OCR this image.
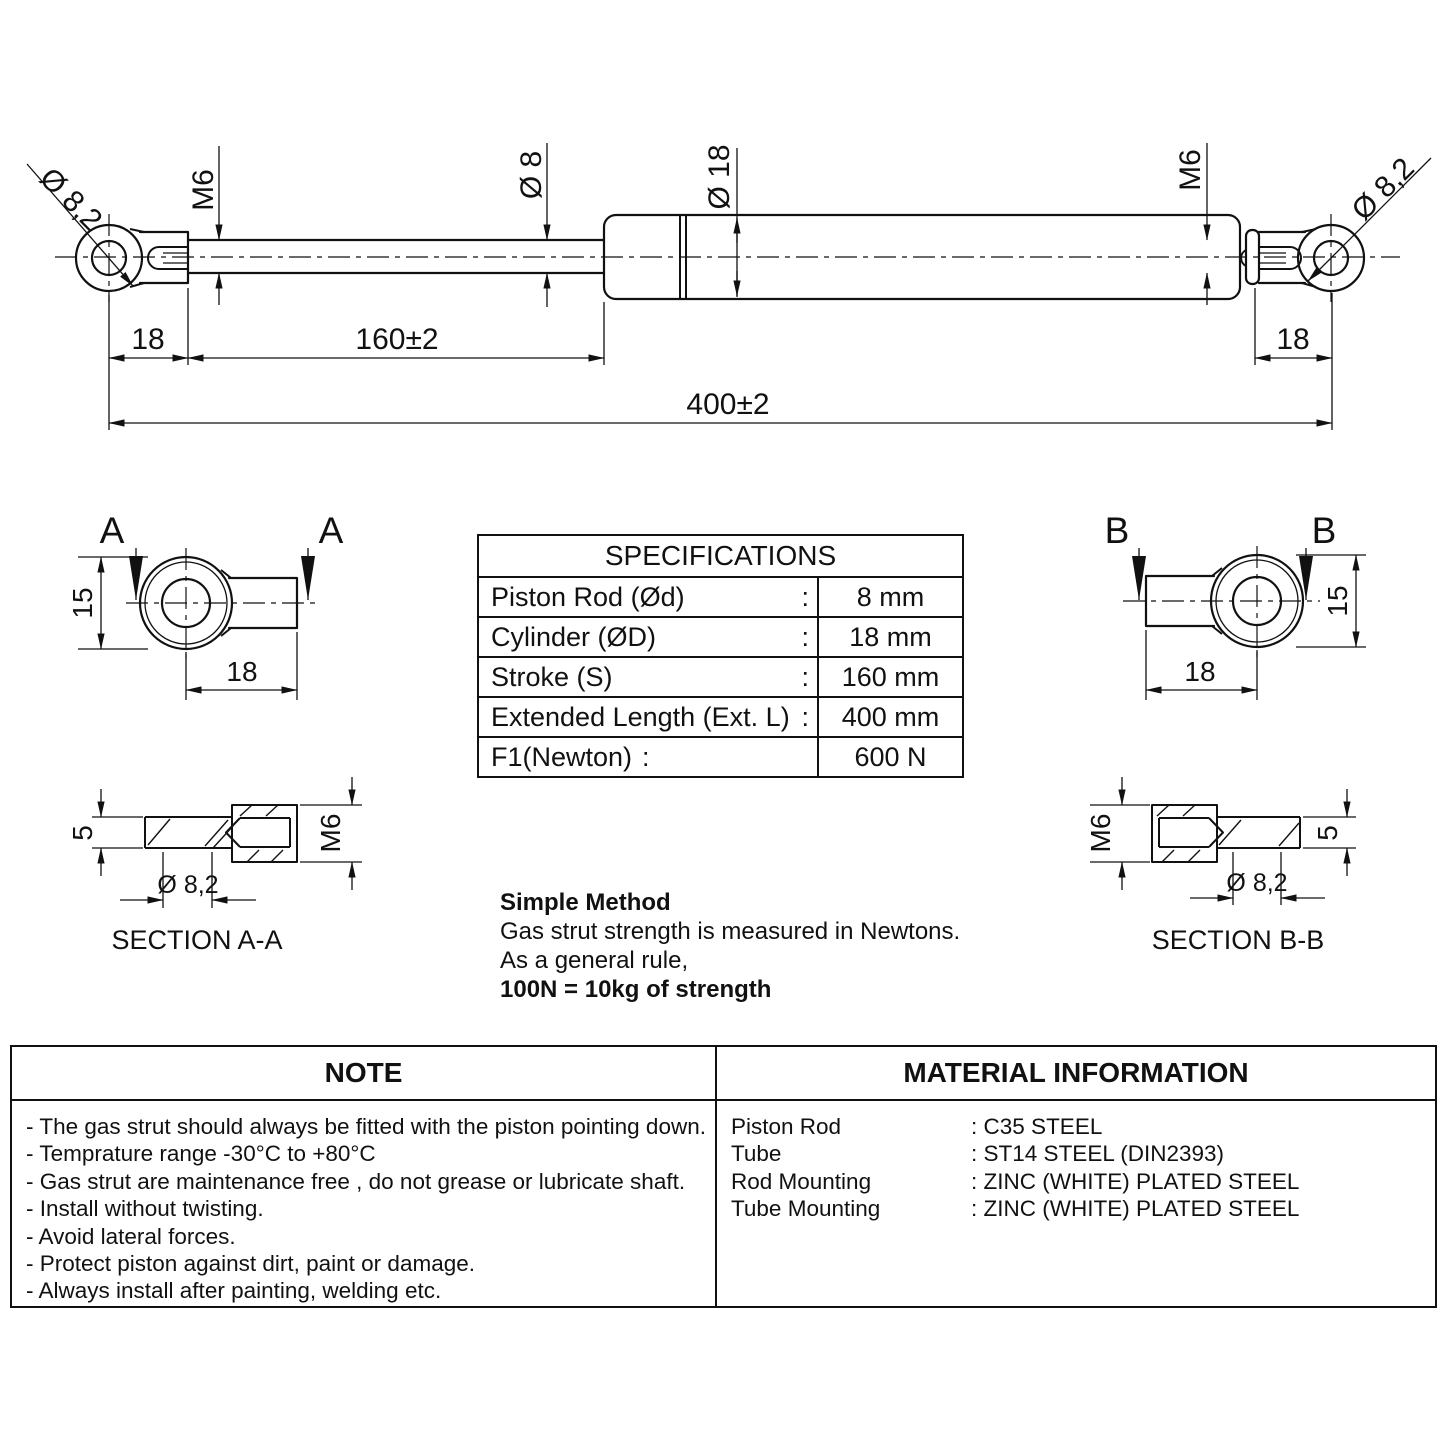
Ø 8,2	M6	Ø 8	Ø 18	M6	Ø 8,2
18	160±2	18
400±2
A	A
15
18
5	M6
Ø 8,2
SECTION A-A
B	B
15
18
M6	5
Ø 8,2
SECTION B-B
SPECIFICATIONS
Piston Rod (Ød)	:	8 mm
Cylinder (ØD)	:	18 mm
Stroke (S)	:	160 mm
Extended Length (Ext. L) :	400 mm
F1(Newton) :	600 N
Simple Method
Gas strut strength is measured in Newtons.
As a general rule,
100N = 10kg of strength
NOTE
- The gas strut should always be fitted with the piston pointing down.
- Temprature range -30°C to +80°C
- Gas strut are maintenance free , do not grease or lubricate shaft.
- Install without twisting.
- Avoid lateral forces.
- Protect piston against dirt, paint or damage.
- Always install after painting, welding etc.
MATERIAL INFORMATION
Piston Rod	:
C35 STEEL
Tube	:
ST14 STEEL (DIN2393)
Rod Mounting	:
ZINC (WHITE) PLATED STEEL
Tube Mounting	:
ZINC (WHITE) PLATED STEEL
